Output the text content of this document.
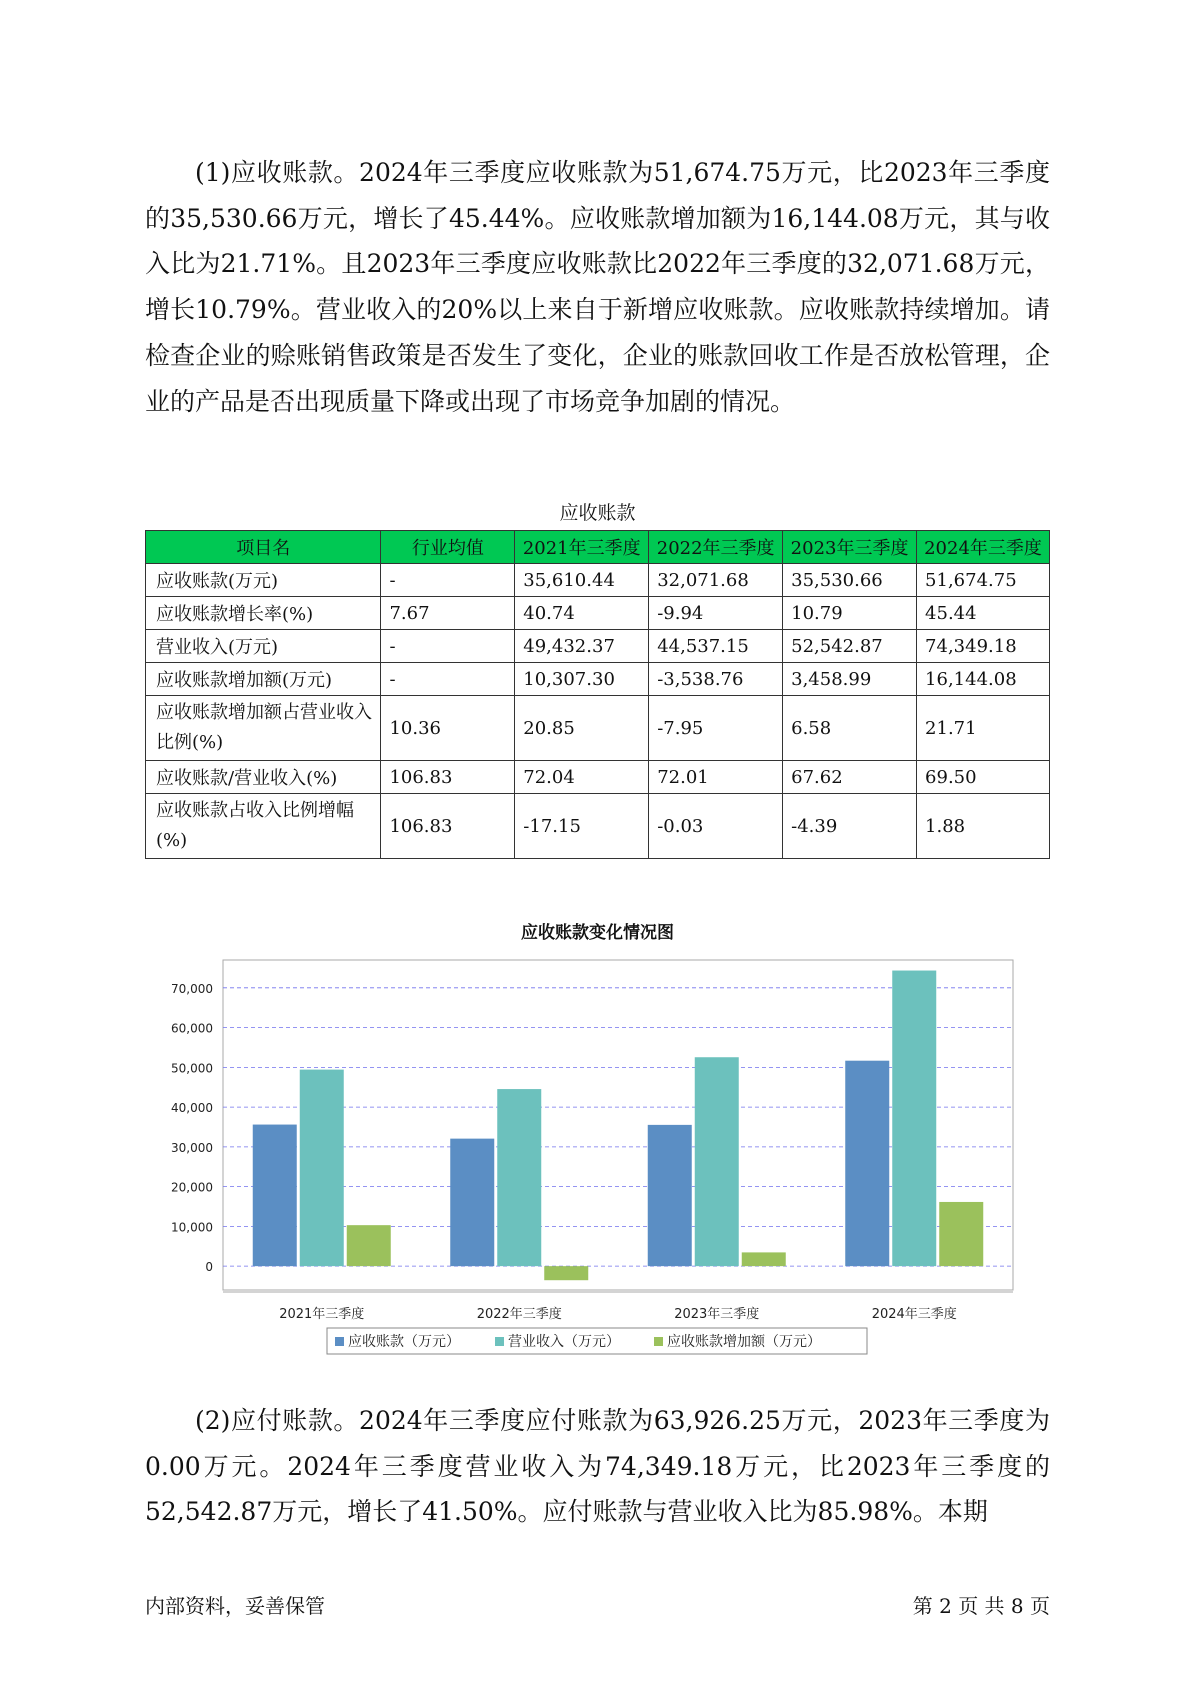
(1)应收账款。2024年三季度应收账款为51,674.75万元，比2023年三季度的35,530.66万元，增长了45.44%。应收账款增加额为16,144.08万元，其与收入比为21.71%。且2023年三季度应收账款比2022年三季度的32,071.68万元，增长10.79%。营业收入的20%以上来自于新增应收账款。应收账款持续增加。请检查企业的赊账销售政策是否发生了变化，企业的账款回收工作是否放松管理，企业的产品是否出现质量下降或出现了市场竞争加剧的情况。

应收账款
项目名	行业均值	2021年三季度	2022年三季度	2023年三季度	2024年三季度
应收账款(万元)	-	35,610.44	32,071.68	35,530.66	51,674.75
应收账款增长率(%)	7.67	40.74	-9.94	10.79	45.44
营业收入(万元)	-	49,432.37	44,537.15	52,542.87	74,349.18
应收账款增加额(万元)	-	10,307.30	-3,538.76	3,458.99	16,144.08

应收账款增加额占营业收入比例(%)	10.36	20.85	-7.95	6.58	21.71
应收账款/营业收入(%)	106.83	72.04	72.01	67.62	69.50

应收账款占收入比例增幅(%)	106.83	-17.15	-0.03	-4.39	1.88
应收账款变化情况图
0
10,000
20,000
30,000
40,000
50,000
60,000
70,000
2021年三季度	2022年三季度	2023年三季度	2024年三季度
应收账款（万元）	营业收入（万元）	应收账款增加额（万元）

(2)应付账款。2024年三季度应付账款为63,926.25万元，2023年三季度为0.00万元。2024年三季度营业收入为74,349.18万元，比2023年三季度的52,542.87万元，增长了41.50%。应付账款与营业收入比为85.98%。本期

内部资料，妥善保管	第 2 页 共 8 页
